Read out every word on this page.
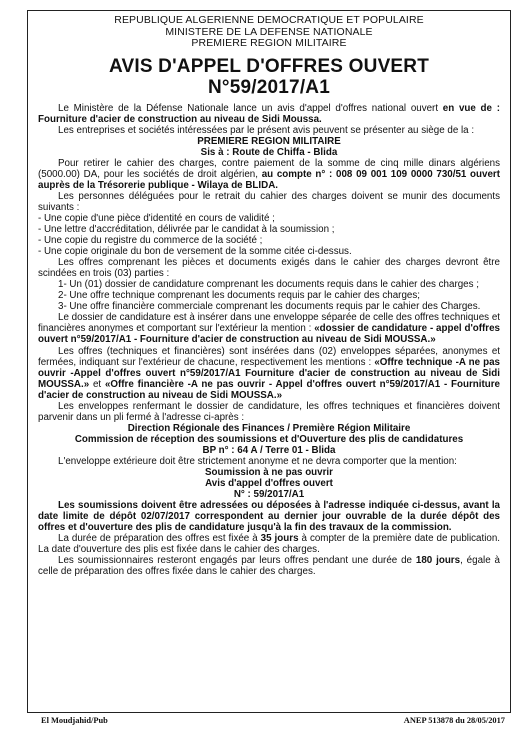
REPUBLIQUE ALGERIENNE DEMOCRATIQUE ET POPULAIRE
MINISTERE DE LA DEFENSE NATIONALE
PREMIERE REGION MILITAIRE
AVIS D'APPEL D'OFFRES OUVERT
N°59/2017/A1

Le Ministère de la Défense Nationale lance un avis d'appel d'offres national ouvert en vue de : Fourniture d'acier de construction au niveau de Sidi Moussa.

Les entreprises et sociétés intéressées par le présent avis peuvent se présenter au siège de la :

PREMIERE REGION MILITAIRE

Sis à : Route de Chiffa - Blida

Pour retirer le cahier des charges, contre paiement de la somme de cinq mille dinars algériens (5000.00) DA, pour les sociétés de droit algérien, au compte n° : 008 09 001 109 0000 730/51 ouvert auprès de la Trésorerie publique - Wilaya de BLIDA.

Les personnes déléguées pour le retrait du cahier des charges doivent se munir des documents suivants :

- Une copie d'une pièce d'identité en cours de validité ;

- Une lettre d'accréditation, délivrée par le candidat à la soumission ;

- Une copie du registre du commerce de la société ;

- Une copie originale du bon de versement de la somme citée ci-dessus.

Les offres comprenant les pièces et documents exigés dans le cahier des charges devront être scindées en trois (03) parties :

1- Un (01) dossier de candidature comprenant les documents requis dans le cahier des charges ;

2- Une offre technique comprenant les documents requis par le cahier des charges;

3- Une offre financière commerciale comprenant les documents requis par le cahier des Charges.

Le dossier de candidature est à insérer dans une enveloppe séparée de celle des offres techniques et financières anonymes et comportant sur l'extérieur la mention : «dossier de candidature - appel d'offres ouvert n°59/2017/A1 - Fourniture d'acier de construction au niveau de Sidi MOUSSA.»

Les offres (techniques et financières) sont insérées dans (02) enveloppes séparées, anonymes et fermées, indiquant sur l'extérieur de chacune, respectivement les mentions : «Offre technique -A ne pas ouvrir -Appel d'offres ouvert n°59/2017/A1 Fourniture d'acier de construction au niveau de Sidi MOUSSA.» et «Offre financière -A ne pas ouvrir - Appel d'offres ouvert n°59/2017/A1 - Fourniture d'acier de construction au niveau de Sidi MOUSSA.»

Les enveloppes renfermant le dossier de candidature, les offres techniques et financières doivent parvenir dans un pli fermé à l'adresse ci-après :

Direction Régionale des Finances / Première Région Militaire

Commission de réception des soumissions et d'Ouverture des plis de candidatures

BP n° : 64 A / Terre 01 - Blida

L'enveloppe extérieure doit être strictement anonyme et ne devra comporter que la mention:

Soumission à ne pas ouvrir

Avis d'appel d'offres ouvert

N° : 59/2017/A1

Les soumissions doivent être adressées ou déposées à l'adresse indiquée ci-dessus, avant la date limite de dépôt 02/07/2017 correspondent au dernier jour ouvrable de la durée dépôt des offres et d'ouverture des plis de candidature jusqu'à la fin des travaux de la commission.

La durée de préparation des offres est fixée à 35 jours à compter de la première date de publication. La date d'ouverture des plis est fixée dans le cahier des charges.

Les soumissionnaires resteront engagés par leurs offres pendant une durée de 180 jours, égale à celle de préparation des offres fixée dans le cahier des charges.

El Moudjahid/Pub	ANEP 513878 du 28/05/2017
